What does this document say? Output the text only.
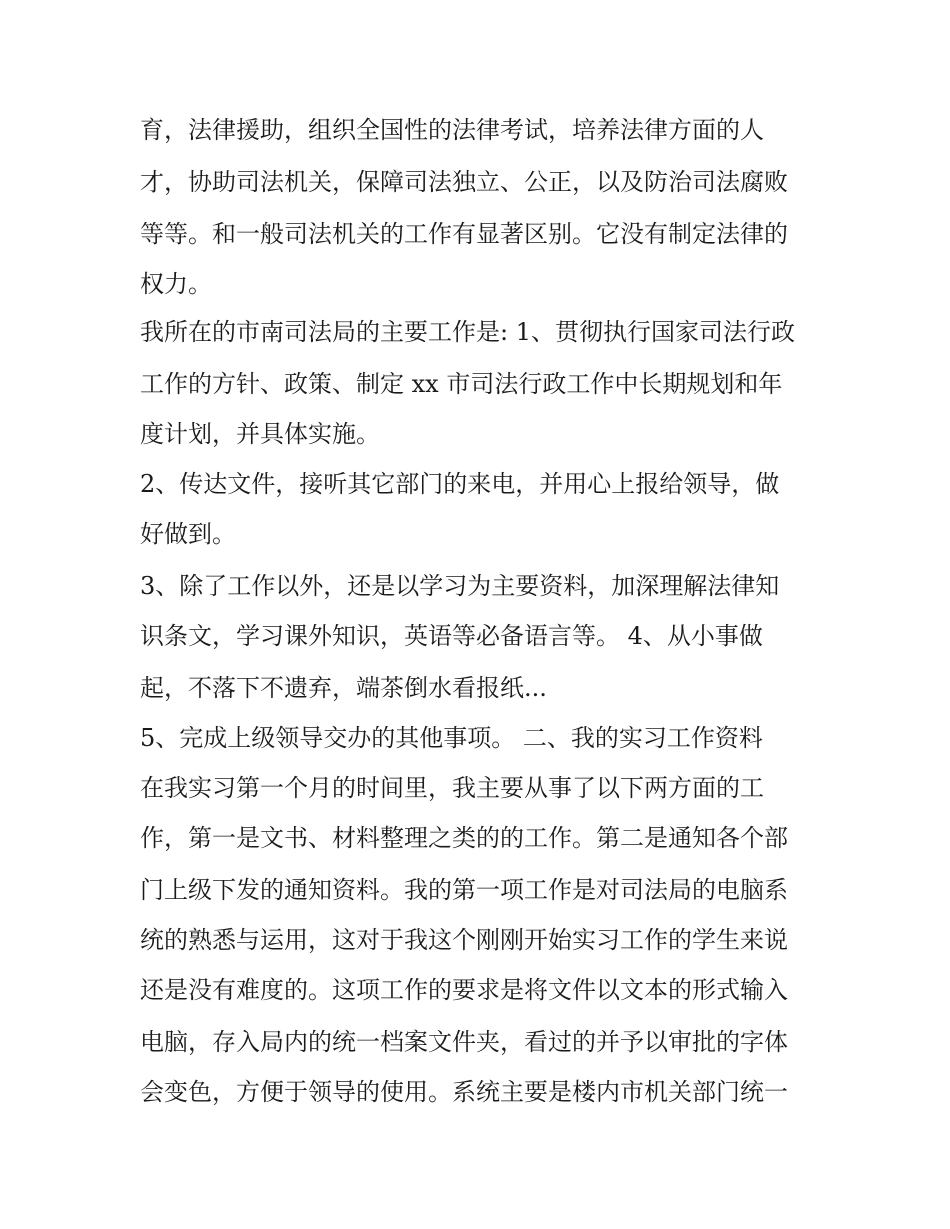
育，法律援助，组织全国性的法律考试，培养法律方面的人
才，协助司法机关，保障司法独立、公正，以及防治司法腐败
等等。和一般司法机关的工作有显著区别。它没有制定法律的
权力。
我所在的市南司法局的主要工作是: 1、贯彻执行国家司法行政
工作的方针、政策、制定 xx 市司法行政工作中长期规划和年
度计划，并具体实施。
2、传达文件，接听其它部门的来电，并用心上报给领导，做
好做到。
3、除了工作以外，还是以学习为主要资料，加深理解法律知
识条文，学习课外知识，英语等必备语言等。 4、从小事做
起，不落下不遗弃，端茶倒水看报纸...
5、完成上级领导交办的其他事项。 二、我的实习工作资料
在我实习第一个月的时间里，我主要从事了以下两方面的工
作，第一是文书、材料整理之类的的工作。第二是通知各个部
门上级下发的通知资料。我的第一项工作是对司法局的电脑系
统的熟悉与运用，这对于我这个刚刚开始实习工作的学生来说
还是没有难度的。这项工作的要求是将文件以文本的形式输入
电脑，存入局内的统一档案文件夹，看过的并予以审批的字体
会变色，方便于领导的使用。系统主要是楼内市机关部门统一
